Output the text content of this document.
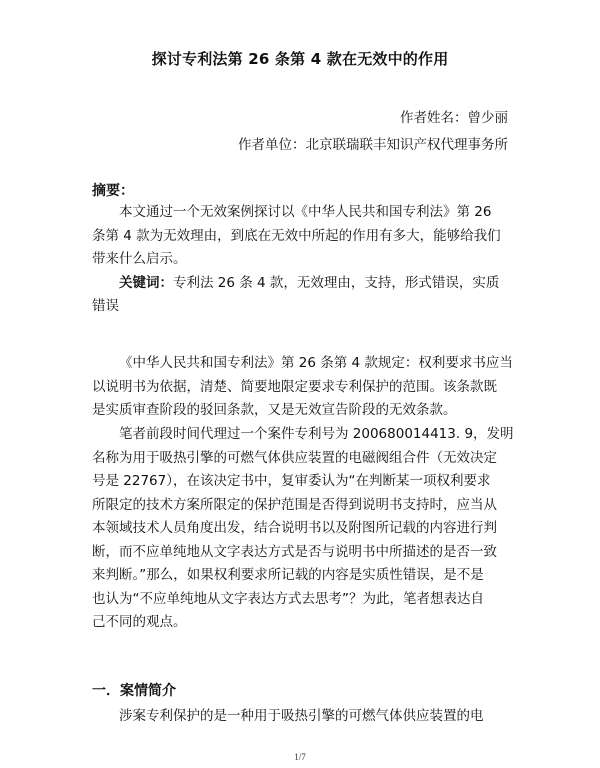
探讨专利法第 26 条第 4 款在无效中的作用
作者姓名：曾少丽
作者单位：北京联瑞联丰知识产权代理事务所
摘要：
本文通过一个无效案例探讨以《中华人民共和国专利法》第 26
条第 4 款为无效理由，到底在无效中所起的作用有多大，能够给我们
带来什么启示。
关键词：专利法 26 条 4 款，无效理由，支持，形式错误，实质
错误
《中华人民共和国专利法》第 26 条第 4 款规定：权利要求书应当
以说明书为依据，清楚、简要地限定要求专利保护的范围。该条款既
是实质审查阶段的驳回条款，又是无效宣告阶段的无效条款。
笔者前段时间代理过一个案件专利号为 200680014413. 9，发明
名称为用于吸热引擎的可燃气体供应装置的电磁阀组合件（无效决定
号是 22767），在该决定书中，复审委认为“在判断某一项权利要求
所限定的技术方案所限定的保护范围是否得到说明书支持时，应当从
本领域技术人员角度出发，结合说明书以及附图所记载的内容进行判
断，而不应单纯地从文字表达方式是否与说明书中所描述的是否一致
来判断。”那么，如果权利要求所记载的内容是实质性错误，是不是
也认为“不应单纯地从文字表达方式去思考”？为此，笔者想表达自
己不同的观点。
一．案情简介
涉案专利保护的是一种用于吸热引擎的可燃气体供应装置的电
1/7
